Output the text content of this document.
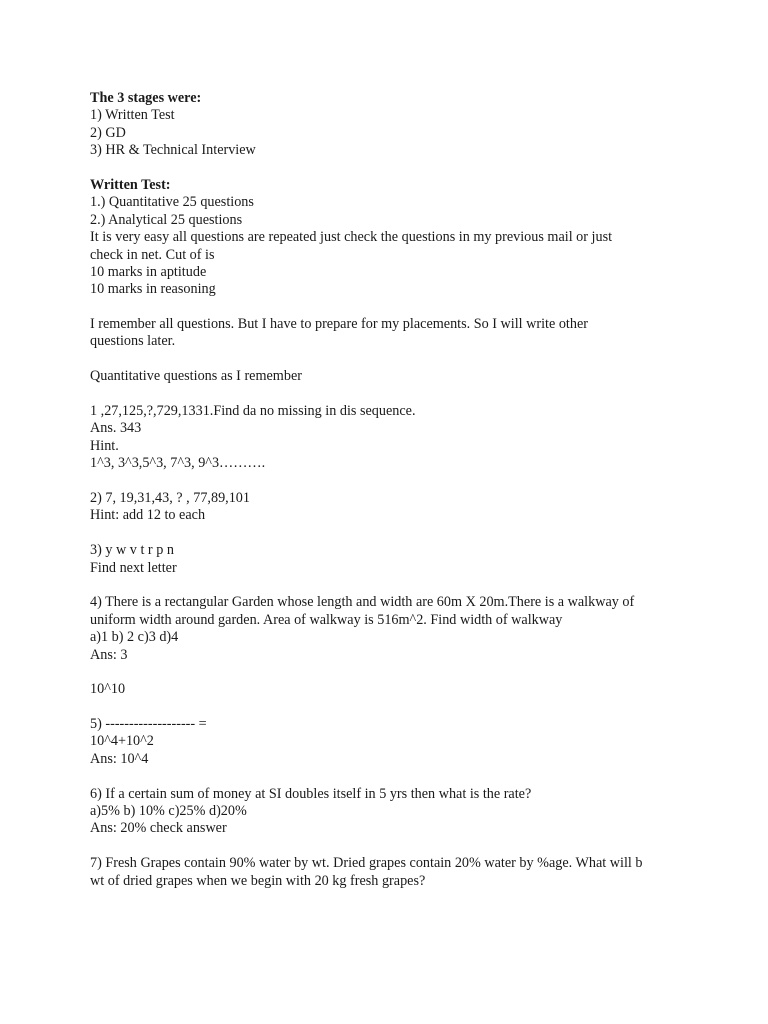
The 3 stages were:
1) Written Test
2) GD
3) HR & Technical Interview
Written Test:
1.) Quantitative 25 questions
2.) Analytical 25 questions
It is very easy all questions are repeated just check the questions in my previous mail or just
check in net. Cut of is
10 marks in aptitude
10 marks in reasoning
I remember all questions. But I have to prepare for my placements. So I will write other
questions later.
Quantitative questions as I remember
1 ,27,125,?,729,1331.Find da no missing in dis sequence.
Ans. 343
Hint.
1^3, 3^3,5^3, 7^3, 9^3……….
2) 7, 19,31,43, ? , 77,89,101
Hint: add 12 to each
3) y w v t r p n
Find next letter
4) There is a rectangular Garden whose length and width are 60m X 20m.There is a walkway of
uniform width around garden. Area of walkway is 516m^2. Find width of walkway
a)1 b) 2 c)3 d)4
Ans: 3
10^10
5) ------------------- =
10^4+10^2
Ans: 10^4
6) If a certain sum of money at SI doubles itself in 5 yrs then what is the rate?
a)5% b) 10% c)25% d)20%
Ans: 20% check answer
7) Fresh Grapes contain 90% water by wt. Dried grapes contain 20% water by %age. What will b
wt of dried grapes when we begin with 20 kg fresh grapes?
